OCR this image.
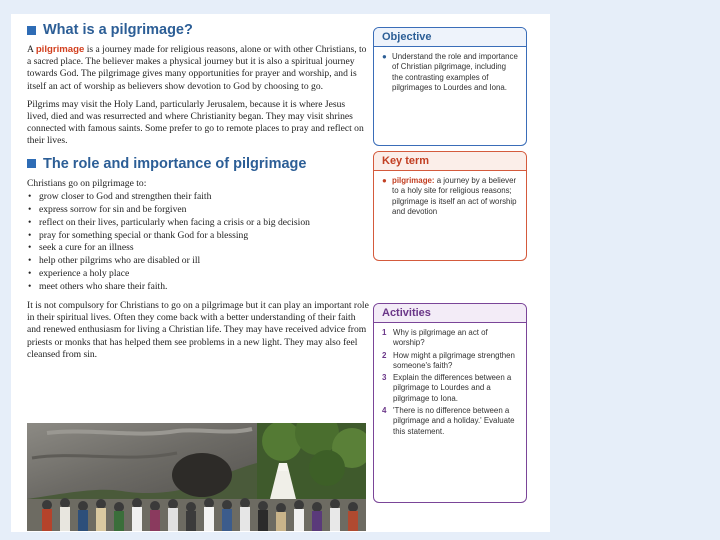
What is a pilgrimage?

A pilgrimage is a journey made for religious reasons, alone or with other Christians, to a sacred place. The believer makes a physical journey but it is also a spiritual journey towards God. The pilgrimage gives many opportunities for prayer and worship, and is itself an act of worship as believers show devotion to God by choosing to go.

Pilgrims may visit the Holy Land, particularly Jerusalem, because it is where Jesus lived, died and was resurrected and where Christianity began. They may visit shrines connected with famous saints. Some prefer to go to remote places to pray and reflect on their lives.

The role and importance of pilgrimage

Christians go on pilgrimage to:

• grow closer to God and strengthen their faith
• express sorrow for sin and be forgiven
• reflect on their lives, particularly when facing a crisis or a big decision
• pray for something special or thank God for a blessing
• seek a cure for an illness
• help other pilgrims who are disabled or ill
• experience a holy place
• meet others who share their faith.

It is not compulsory for Christians to go on a pilgrimage but it can play an important role in their spiritual lives. Often they come back with a better understanding of their faith and renewed enthusiasm for living a Christian life. They may have received advice from priests or monks that has helped them see problems in a new light. They may also feel cleansed from sin.

Objective
● Understand the role and importance of Christian pilgrimage, including the contrasting examples of pilgrimages to Lourdes and Iona.
Key term
● pilgrimage: a journey by a believer to a holy site for religious reasons; pilgrimage is itself an act of worship and devotion
Activities
1 Why is pilgrimage an act of worship?
2 How might a pilgrimage strengthen someone's faith?
3 Explain the differences between a pilgrimage to Lourdes and a pilgrimage to Iona.
4 'There is no difference between a pilgrimage and a holiday.' Evaluate this statement.
